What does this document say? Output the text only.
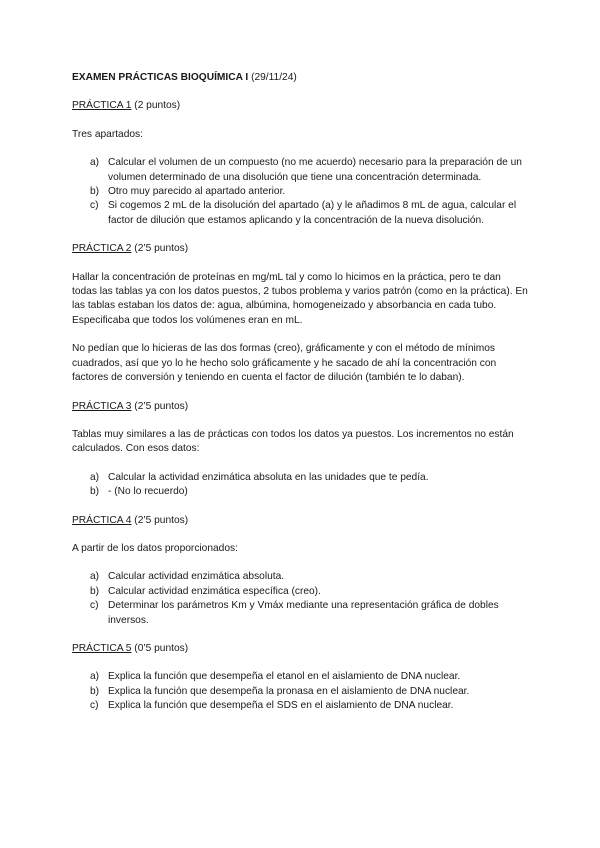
EXAMEN PRÁCTICAS BIOQUÍMICA I (29/11/24)
PRÁCTICA 1 (2 puntos)

Tres apartados:

a) Calcular el volumen de un compuesto (no me acuerdo) necesario para la preparación de un volumen determinado de una disolución que tiene una concentración determinada.
b) Otro muy parecido al apartado anterior.
c) Si cogemos 2 mL de la disolución del apartado (a) y le añadimos 8 mL de agua, calcular el factor de dilución que estamos aplicando y la concentración de la nueva disolución.
PRÁCTICA 2 (2’5 puntos)

Hallar la concentración de proteínas en mg/mL tal y como lo hicimos en la práctica, pero te dan todas las tablas ya con los datos puestos, 2 tubos problema y varios patrón (como en la práctica). En las tablas estaban los datos de: agua, albúmina, homogeneizado y absorbancia en cada tubo. Especificaba que todos los volúmenes eran en mL.

No pedían que lo hicieras de las dos formas (creo), gráficamente y con el método de mínimos cuadrados, así que yo lo he hecho solo gráficamente y he sacado de ahí la concentración con factores de conversión y teniendo en cuenta el factor de dilución (también te lo daban).

PRÁCTICA 3 (2’5 puntos)

Tablas muy similares a las de prácticas con todos los datos ya puestos. Los incrementos no están calculados. Con esos datos:

a) Calcular la actividad enzimática absoluta en las unidades que te pedía.
b) - (No lo recuerdo)
PRÁCTICA 4 (2’5 puntos)

A partir de los datos proporcionados:

a) Calcular actividad enzimática absoluta.
b) Calcular actividad enzimática específica (creo).
c) Determinar los parámetros Km y Vmáx mediante una representación gráfica de dobles inversos.
PRÁCTICA 5 (0’5 puntos)
a) Explica la función que desempeña el etanol en el aislamiento de DNA nuclear.
b) Explica la función que desempeña la pronasa en el aislamiento de DNA nuclear.
c) Explica la función que desempeña el SDS en el aislamiento de DNA nuclear.
